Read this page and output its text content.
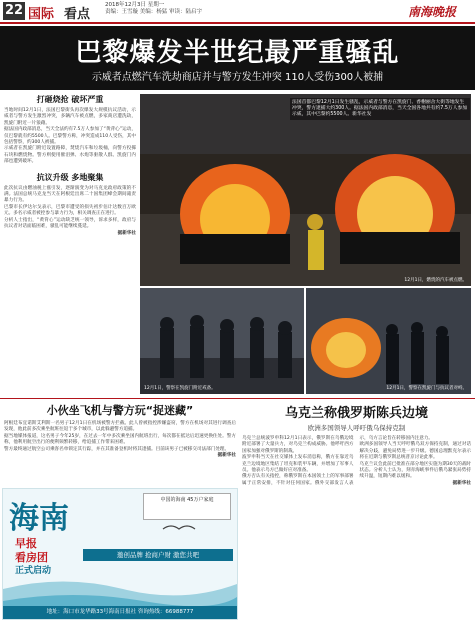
22 国际 看点
2018年12月3日 星期一
责编：王雪璇 美编：杨猛 审读：陆启宇	南海晚报
巴黎爆发半世纪最严重骚乱
示威者点燃汽车洗劫商店并与警方发生冲突 110人受伤300人被捕
打砸烧抢 破坏严重
当地时间12月1日，法国巴黎街头再次爆发大规模抗议活动，示威者与警方发生激烈冲突，多辆汽车被点燃，多家商店遭洗劫，凯旋门附近一片狼藉。
据法国内政部消息，当天全法约有7.5万人参加了“黄背心”运动，仅巴黎就有约5500人。巴黎警方称，冲突造成110人受伤，其中包括警察，约300人被捕。
示威者在凯旋门附近设置路障，焚烧汽车和垃圾桶，向警方投掷石块和燃烧物。警方则使用催泪弹、水炮等驱散人群。凯旋门内部也遭到破坏。
抗议升级 多地聚集
此次抗议由燃油税上涨引发，逐渐演变为对马克龙政府政策的不满。法国总统马克龙当天在阿根廷出席二十国集团峰会期间谴责暴力行为。
巴黎市长伊达尔戈表示，巴黎市遭受的损失初步估计达数百万欧元。多名示威者被控参与暴力行为，相关调查正在进行。
分析人士指出，“黄背心”运动缺乏统一领导，诉求多样，政府与抗议者对话面临困难，骚乱可能继续蔓延。
据新华社
法国首都巴黎12月1日发生骚乱，示威者与警方在凯旋门、香榭丽舍大街等地发生冲突，警方逮捕大约300人。据法国内政部消息，当天全国各地共有约7.5万人参加示威，其中巴黎约5500人。新华社发
12月1日，燃烧的汽车被点燃。
12月1日，警察在凯旋门附近戒备。	12月1日，警察在凯旋门与抗议者对峙。
小伙坐飞机与警方玩“捉迷藏”
阿根廷布宜诺斯艾利斯一名男子12月1日在机场被警方拦截。此人曾被指控涉嫌盗窃，警方在机场对其进行调查后发现，他此前多次乘坐航班往返于多个城市，以此躲避警方追捕。
据当地媒体报道，这名男子今年25岁，在过去一年中多次乘坐国内航班出行，每次都在抵达后迅速更换住处。警方称，他利用航空出行的便利频繁转移，给追捕工作带来困难。
警方最终通过航空公司乘客名单锁定其行踪，并在其准备登机时将其逮捕。目前该男子已被移交司法部门处理。
据新华社
海南
早报
看房团
正式启动
中国的海南 45万户家庭
邀创品牌 抢商户财 激您共吧
地址：海口市龙华路33号海南日报社 咨询热线：66988777
乌克兰称俄罗斯陈兵边境
欧洲多国领导人呼吁俄乌保持克制
乌克兰总统波罗申科12月1日表示，俄罗斯在乌俄边境附近部署了大量兵力，对乌克兰构成威胁。他呼吁西方国家加强对俄罗斯的制裁。
波罗申科当天在社交媒体上发布消息称，俄方在靠近乌克兰边境地区集结了坦克和装甲车辆，并增加了军事人员。他表示乌方已做好应对准备。
俄方否认有关指控，称俄罗斯在本国领土上的军事部署属于正常安排，不针对任何国家。俄外交部发言人表示，乌方言论旨在转移国内注意力。
欧洲多国领导人当天呼吁俄乌双方保持克制，通过对话解决分歧，避免局势进一步升级。德国总理默克尔表示将在近期与俄罗斯总统普京讨论此事。
乌克兰议会此前已批准在部分地区实施为期30天的战时状态。分析人士认为，刻赤海峡事件后俄乌紧张局势持续升温，短期内难以缓和。
据新华社
